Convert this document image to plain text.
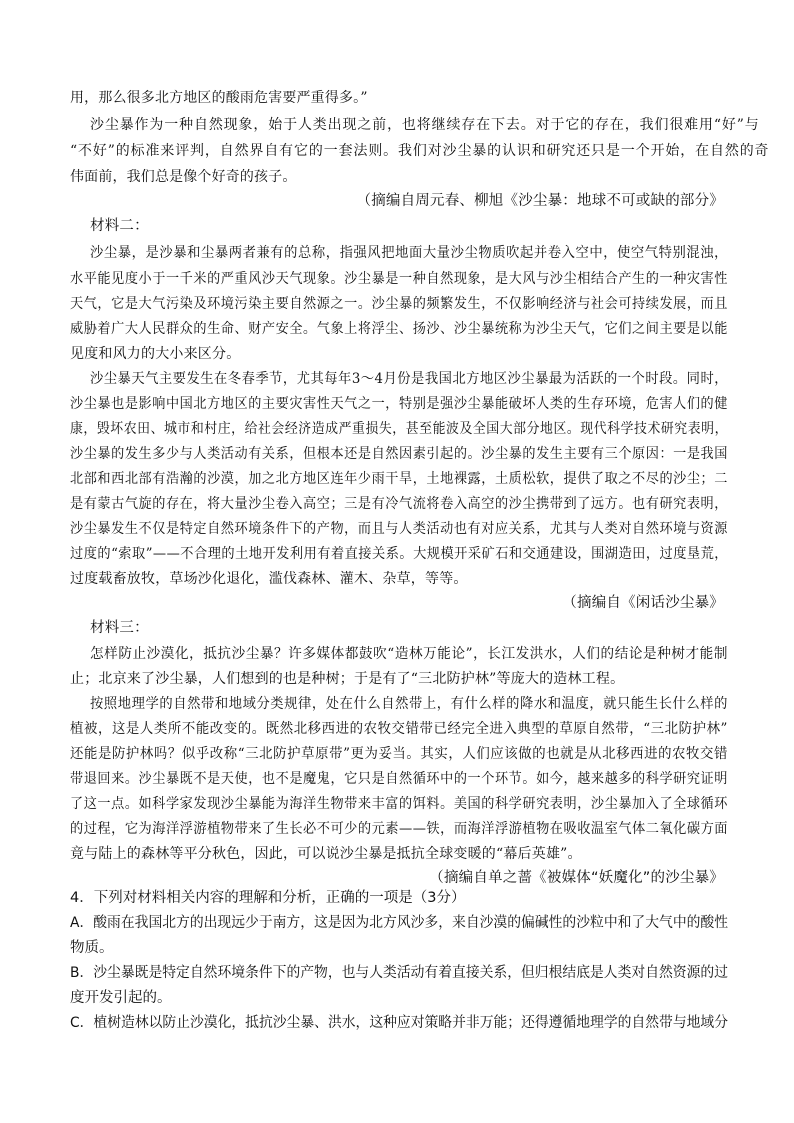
用，那么很多北方地区的酸雨危害要严重得多。”
沙尘暴作为一种自然现象，始于人类出现之前，也将继续存在下去。对于它的存在，我们很难用“好”与
“不好”的标准来评判，自然界自有它的一套法则。我们对沙尘暴的认识和研究还只是一个开始，在自然的奇
伟面前，我们总是像个好奇的孩子。
（摘编自周元春、柳旭《沙尘暴：地球不可或缺的部分》
材料二：
沙尘暴，是沙暴和尘暴两者兼有的总称，指强风把地面大量沙尘物质吹起并卷入空中，使空气特别混浊，
水平能见度小于一千米的严重风沙天气现象。沙尘暴是一种自然现象，是大风与沙尘相结合产生的一种灾害性
天气，它是大气污染及环境污染主要自然源之一。沙尘暴的频繁发生，不仅影响经济与社会可持续发展，而且
威胁着广大人民群众的生命、财产安全。气象上将浮尘、扬沙、沙尘暴统称为沙尘天气，它们之间主要是以能
见度和风力的大小来区分。
沙尘暴天气主要发生在冬春季节，尤其每年3～4月份是我国北方地区沙尘暴最为活跃的一个时段。同时，
沙尘暴也是影响中国北方地区的主要灾害性天气之一，特别是强沙尘暴能破坏人类的生存环境，危害人们的健
康，毁坏农田、城市和村庄，给社会经济造成严重损失，甚至能波及全国大部分地区。现代科学技术研究表明，
沙尘暴的发生多少与人类活动有关系，但根本还是自然因素引起的。沙尘暴的发生主要有三个原因：一是我国
北部和西北部有浩瀚的沙漠，加之北方地区连年少雨干旱，土地裸露，土质松软，提供了取之不尽的沙尘；二
是有蒙古气旋的存在，将大量沙尘卷入高空；三是有冷气流将卷入高空的沙尘携带到了远方。也有研究表明，
沙尘暴发生不仅是特定自然环境条件下的产物，而且与人类活动也有对应关系，尤其与人类对自然环境与资源
过度的“索取”——不合理的土地开发利用有着直接关系。大规模开采矿石和交通建设，围湖造田，过度垦荒，
过度载畜放牧，草场沙化退化，滥伐森林、灌木、杂草，等等。
（摘编自《闲话沙尘暴》
材料三：
怎样防止沙漠化，抵抗沙尘暴？许多媒体都鼓吹“造林万能论”，长江发洪水，人们的结论是种树才能制
止；北京来了沙尘暴，人们想到的也是种树；于是有了“三北防护林”等庞大的造林工程。
按照地理学的自然带和地域分类规律，处在什么自然带上，有什么样的降水和温度，就只能生长什么样的
植被，这是人类所不能改变的。既然北移西进的农牧交错带已经完全进入典型的草原自然带，“三北防护林”
还能是防护林吗？似乎改称“三北防护草原带”更为妥当。其实，人们应该做的也就是从北移西进的农牧交错
带退回来。沙尘暴既不是天使，也不是魔鬼，它只是自然循环中的一个环节。如今，越来越多的科学研究证明
了这一点。如科学家发现沙尘暴能为海洋生物带来丰富的饵料。美国的科学研究表明，沙尘暴加入了全球循环
的过程，它为海洋浮游植物带来了生长必不可少的元素——铁，而海洋浮游植物在吸收温室气体二氧化碳方面
竟与陆上的森林等平分秋色，因此，可以说沙尘暴是抵抗全球变暖的“幕后英雄”。
（摘编自单之蔷《被媒体“妖魔化”的沙尘暴》
4．下列对材料相关内容的理解和分析，正确的一项是（3分）
A．酸雨在我国北方的出现远少于南方，这是因为北方风沙多，来自沙漠的偏碱性的沙粒中和了大气中的酸性
物质。
B．沙尘暴既是特定自然环境条件下的产物，也与人类活动有着直接关系，但归根结底是人类对自然资源的过
度开发引起的。
C．植树造林以防止沙漠化，抵抗沙尘暴、洪水，这种应对策略并非万能；还得遵循地理学的自然带与地域分
